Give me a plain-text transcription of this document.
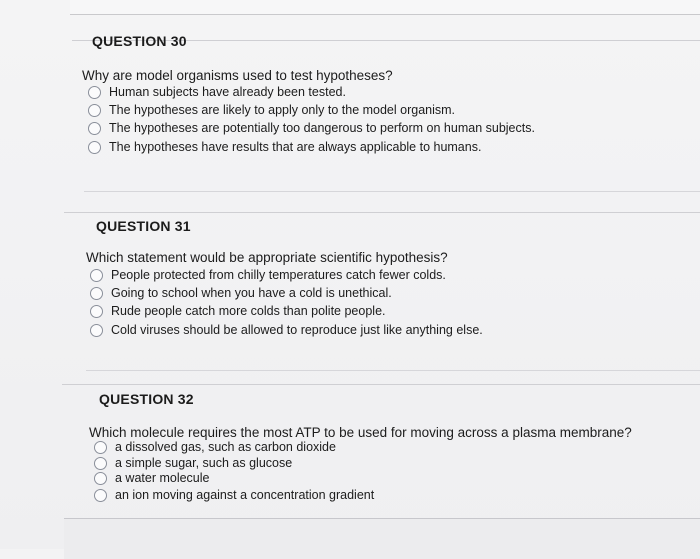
QUESTION 30
Why are model organisms used to test hypotheses?
Human subjects have already been tested.
The hypotheses are likely to apply only to the model organism.
The hypotheses are potentially too dangerous to perform on human subjects.
The hypotheses have results that are always applicable to humans.
QUESTION 31
Which statement would be appropriate scientific hypothesis?
People protected from chilly temperatures catch fewer colds.
Going to school when you have a cold is unethical.
Rude people catch more colds than polite people.
Cold viruses should be allowed to reproduce just like anything else.
QUESTION 32
Which molecule requires the most ATP to be used for moving across a plasma membrane?
a dissolved gas, such as carbon dioxide
a simple sugar, such as glucose
a water molecule
an ion moving against a concentration gradient
